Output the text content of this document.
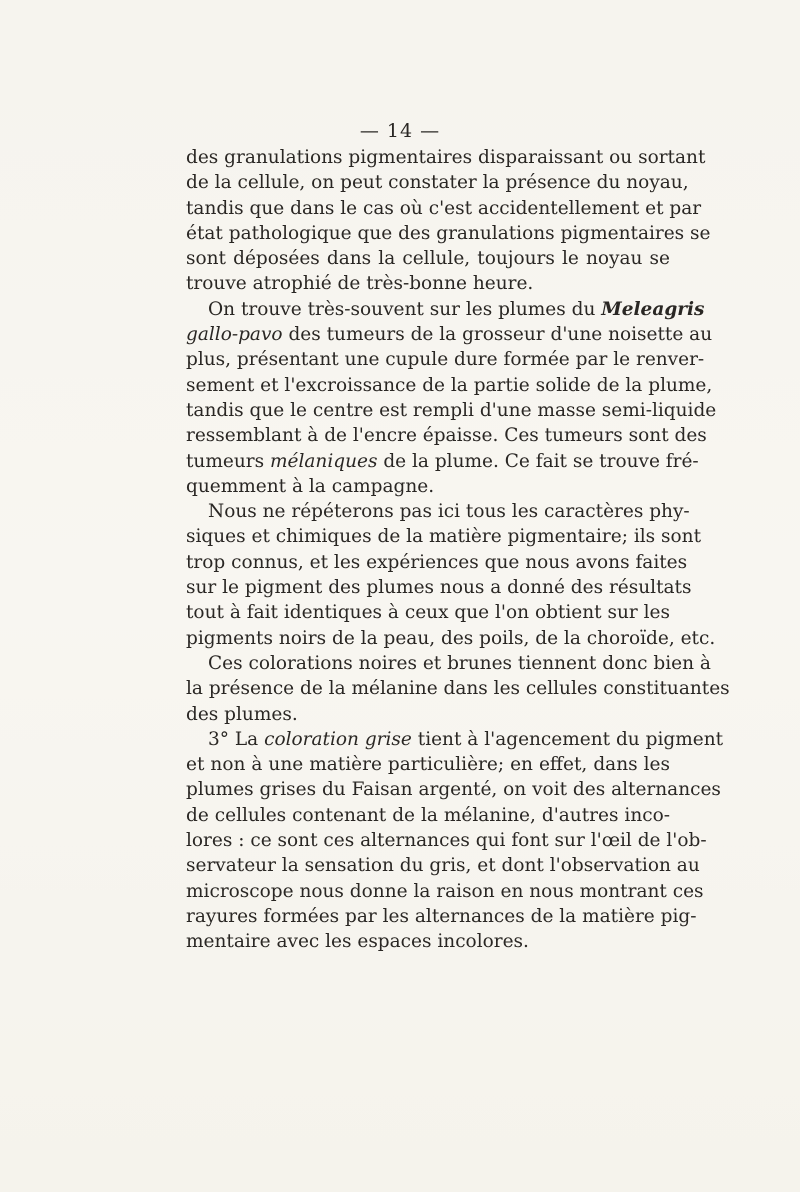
— 14 —
des granulations pigmentaires disparaissant ou sortant
de la cellule, on peut constater la présence du noyau,
tandis que dans le cas où c'est accidentellement et par
état pathologique que des granulations pigmentaires se
sont déposées dans la cellule, toujours le noyau se
trouve atrophié de très-bonne heure.
On trouve très-souvent sur les plumes du Meleagris
gallo-pavo des tumeurs de la grosseur d'une noisette au
plus, présentant une cupule dure formée par le renver-
sement et l'excroissance de la partie solide de la plume,
tandis que le centre est rempli d'une masse semi-liquide
ressemblant à de l'encre épaisse. Ces tumeurs sont des
tumeurs mélaniques de la plume. Ce fait se trouve fré-
quemment à la campagne.
Nous ne répéterons pas ici tous les caractères phy-
siques et chimiques de la matière pigmentaire; ils sont
trop connus, et les expériences que nous avons faites
sur le pigment des plumes nous a donné des résultats
tout à fait identiques à ceux que l'on obtient sur les
pigments noirs de la peau, des poils, de la choroïde, etc.
Ces colorations noires et brunes tiennent donc bien à
la présence de la mélanine dans les cellules constituantes
des plumes.
3° La coloration grise tient à l'agencement du pigment
et non à une matière particulière; en effet, dans les
plumes grises du Faisan argenté, on voit des alternances
de cellules contenant de la mélanine, d'autres inco-
lores : ce sont ces alternances qui font sur l'œil de l'ob-
servateur la sensation du gris, et dont l'observation au
microscope nous donne la raison en nous montrant ces
rayures formées par les alternances de la matière pig-
mentaire avec les espaces incolores.
